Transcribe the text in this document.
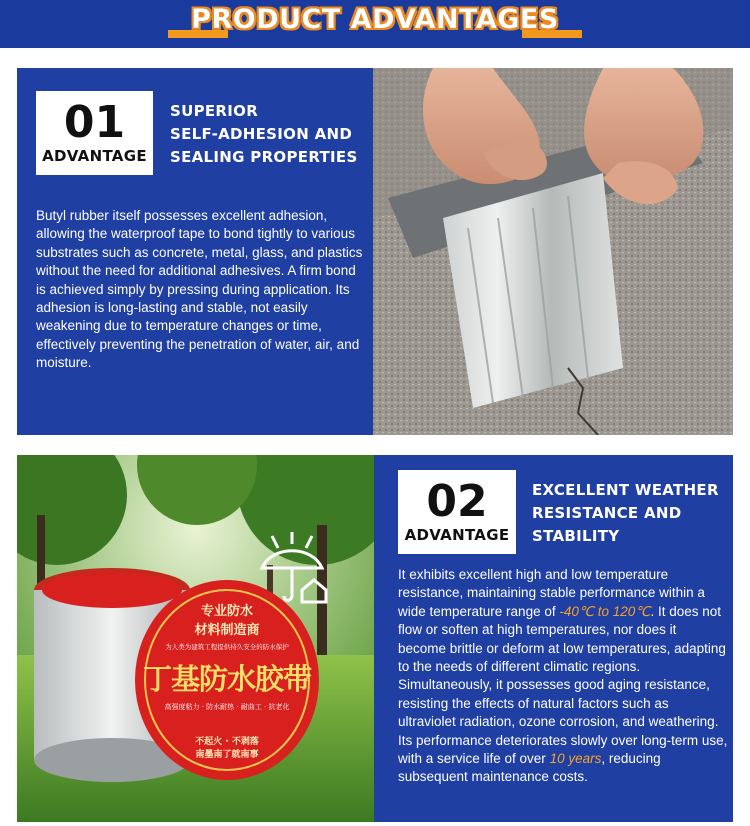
PRODUCT ADVANTAGES
01
ADVANTAGE
SUPERIOR
SELF-ADHESION AND
SEALING PROPERTIES
Butyl rubber itself possesses excellent adhesion, allowing the waterproof tape to bond tightly to various substrates such as concrete, metal, glass, and plastics without the need for additional adhesives. A firm bond is achieved simply by pressing during application. Its adhesion is long-lasting and stable, not easily weakening due to temperature changes or time, effectively preventing the penetration of water, air, and moisture.
专业防水
材料制造商
为人类为建筑工程提供持久安全的防水保护
丁基防水胶带
高强度粘力 · 防水耐热 · 耐曲工 · 抗老化
不起火 · 不剥落
南墨南了就南事
02
ADVANTAGE
EXCELLENT WEATHER
RESISTANCE AND
STABILITY
It exhibits excellent high and low temperature resistance, maintaining stable performance within a wide temperature range of -40℃ to 120℃. It does not flow or soften at high temperatures, nor does it become brittle or deform at low temperatures, adapting to the needs of different climatic regions. Simultaneously, it possesses good aging resistance, resisting the effects of natural factors such as ultraviolet radiation, ozone corrosion, and weathering. Its performance deteriorates slowly over long-term use, with a service life of over 10 years, reducing subsequent maintenance costs.
